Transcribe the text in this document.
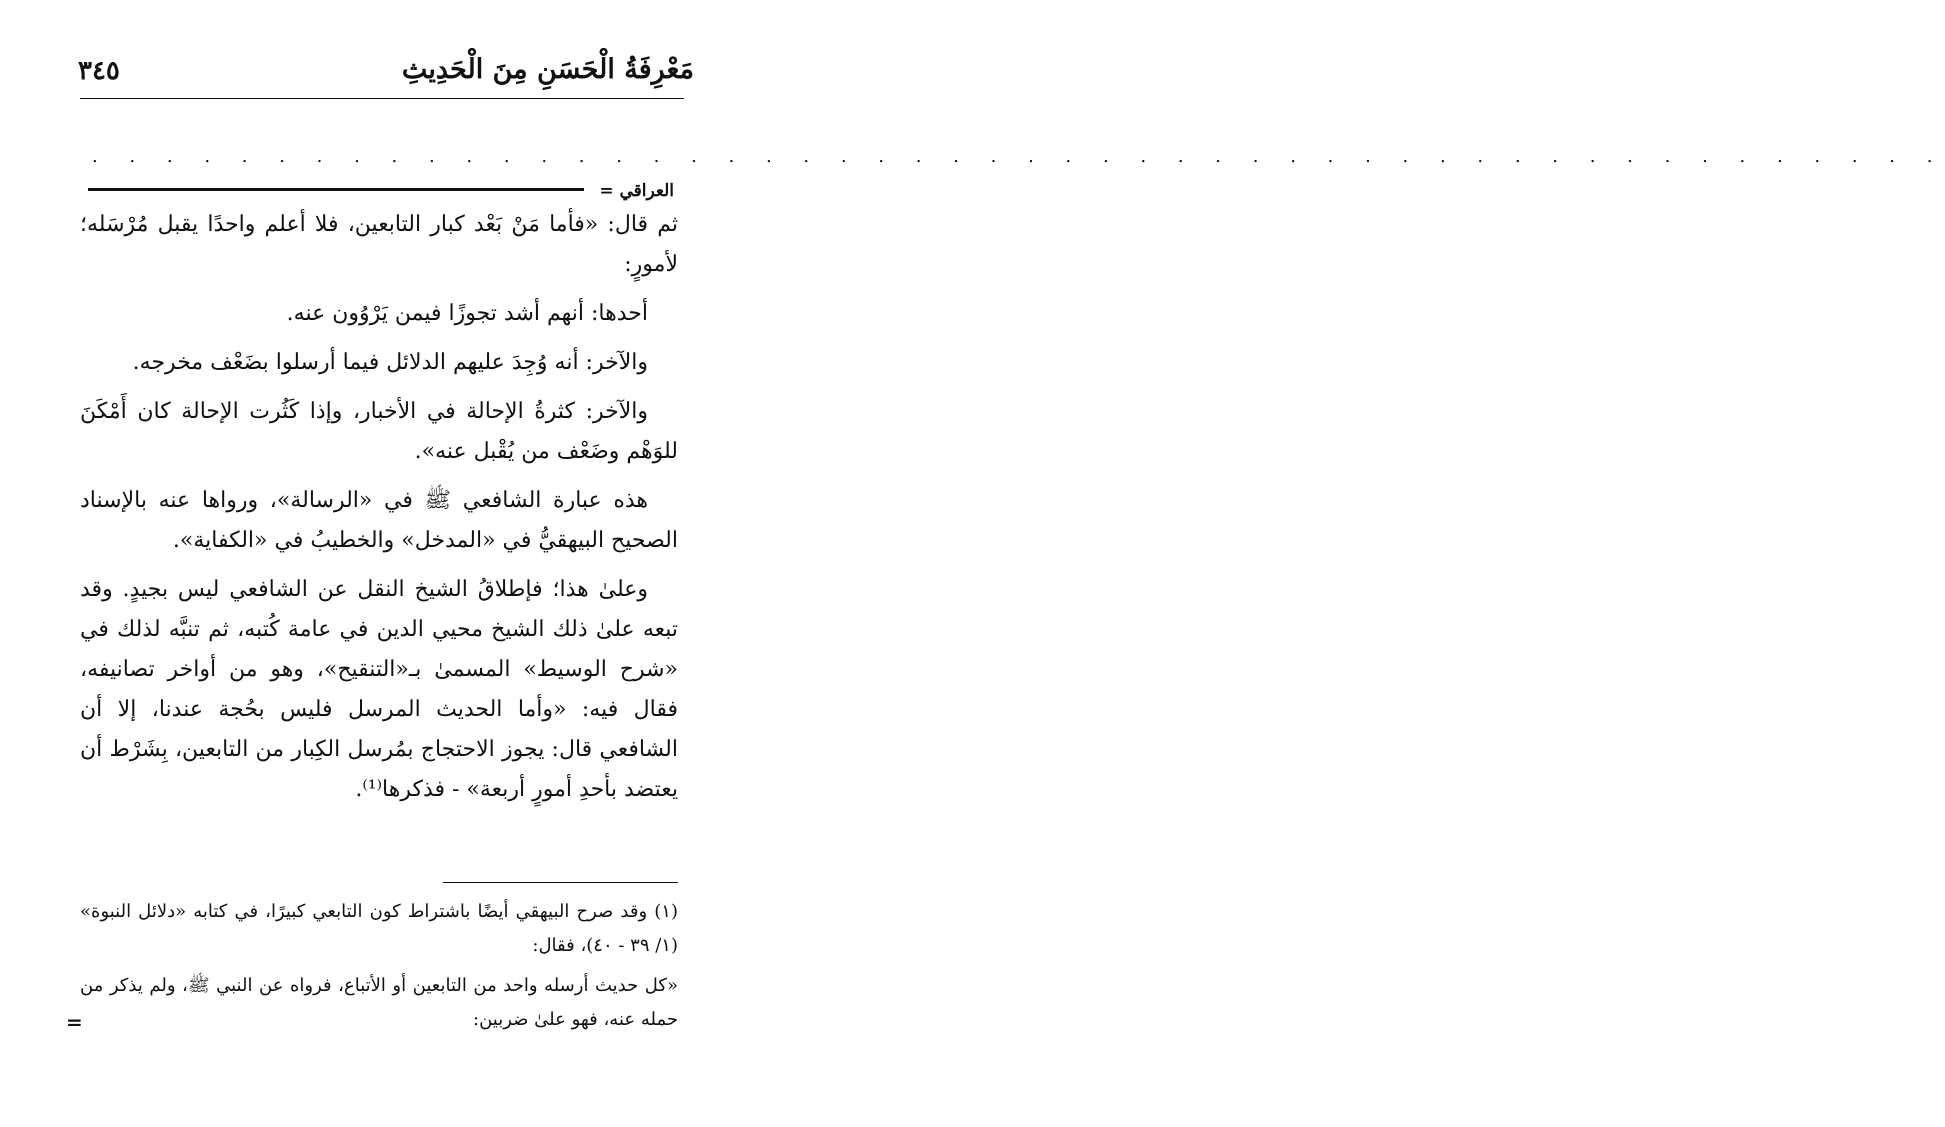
٣٤٥	مَعْرِفَةُ الْحَسَنِ مِنَ الْحَدِيثِ
. . . . . . . . . . . . . . . . . . . . . . . . . . . . . . . . . . . . . . . . . . . . . . . . . .
العراقي =

ثم قال: «فأما مَنْ بَعْد كبار التابعين، فلا أعلم واحدًا يقبل مُرْسَله؛ لأمورٍ:

أحدها: أنهم أشد تجوزًا فيمن يَرْوُون عنه.

والآخر: أنه وُجِدَ عليهم الدلائل فيما أرسلوا بضَعْف مخرجه.

والآخر: كثرةُ الإحالة في الأخبار، وإذا كَثُرت الإحالة كان أَمْكَنَ للوَهْم وضَعْف من يُقْبل عنه».

هذه عبارة الشافعي ﷺ في «الرسالة»، ورواها عنه بالإسناد الصحيح البيهقيُّ في «المدخل» والخطيبُ في «الكفاية».

وعلىٰ هذا؛ فإطلاقُ الشيخ النقل عن الشافعي ليس بجيدٍ. وقد تبعه علىٰ ذلك الشيخ محيي الدين في عامة كُتبه، ثم تنبَّه لذلك في «شرح الوسيط» المسمىٰ بـ«التنقيح»، وهو من أواخر تصانيفه، فقال فيه: «وأما الحديث المرسل فليس بحُجة عندنا، إلا أن الشافعي قال: يجوز الاحتجاج بمُرسل الكِبار من التابعين، بِشَرْط أن يعتضد بأحدِ أمورٍ أربعة» - فذكرها⁽¹⁾.

(١) وقد صرح البيهقي أيضًا باشتراط كون التابعي كبيرًا، في كتابه «دلائل النبوة» (١/ ٣٩ - ٤٠)، فقال:

«كل حديث أرسله واحد من التابعين أو الأتباع، فرواه عن النبي ﷺ، ولم يذكر من حمله عنه، فهو علىٰ ضربين:

=
